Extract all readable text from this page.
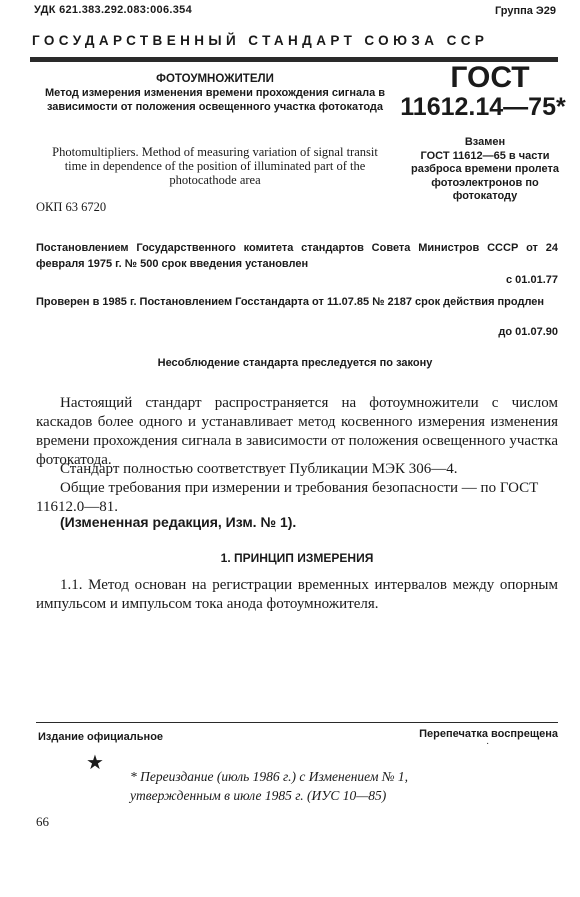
УДК 621.383.292.083:006.354	Группа Э29
ГОСУДАРСТВЕННЫЙ СТАНДАРТ СОЮЗА ССР
ФОТОУМНОЖИТЕЛИ
Метод измерения изменения времени прохождения сигнала в зависимости от положения освещенного участка фотокатода
Photomultipliers. Method of measuring variation of signal transit time in dependence of the position of illuminated part of the photocathode area
ОКП 63 6720
ГОСТ
11612.14—75*
Взамен
ГОСТ 11612—65 в части разброса времени пролета фотоэлектронов по фотокатоду
Постановлением Государственного комитета стандартов Совета Министров СССР от 24 февраля 1975 г. № 500 срок введения установлен
с 01.01.77
Проверен в 1985 г. Постановлением Госстандарта от 11.07.85 № 2187 срок действия продлен
до 01.07.90
Несоблюдение стандарта преследуется по закону
Настоящий стандарт распространяется на фотоумножители с числом каскадов более одного и устанавливает метод косвенного измерения изменения времени прохождения сигнала в зависимости от положения освещенного участка фотокатода.
Стандарт полностью соответствует Публикации МЭК 306—4.
Общие требования при измерении и требования безопасности — по ГОСТ 11612.0—81.
(Измененная редакция, Изм. № 1).
1. ПРИНЦИП ИЗМЕРЕНИЯ
1.1. Метод основан на регистрации временных интервалов между опорным импульсом и импульсом тока анода фотоумножителя.
Издание официальное	Перепечатка воспрещена
·
★
* Переиздание (июль 1986 г.) с Изменением № 1,
утвержденным в июле 1985 г. (ИУС 10—85)
66
